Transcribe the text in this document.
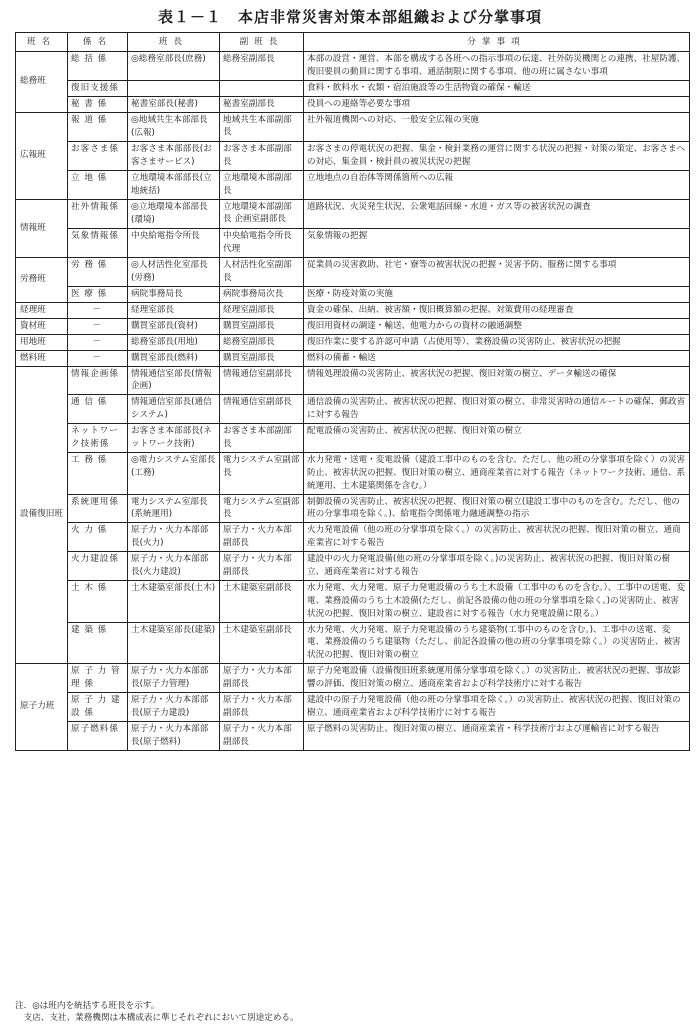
表１－１　本店非常災害対策本部組織および分掌事項
班名	係名	班長	副班長	分掌事項
総務班	総 括 係	◎総務室部長(庶務)	総務室副部長	本部の設営・運営、本部を構成する各班への指示事項の伝達、社外防災機関との連携、社屋防護、復旧要員の動員に関する事項、通話制限に関する事項、他の班に属さない事項
	復旧支援係			食料・飲料水・衣類・宿泊施設等の生活物資の確保・輸送
	秘 書 係	秘書室部長(秘書)	秘書室副部長	役員への連絡等必要な事項
広報班	報 道 係	◎地域共生本部部長(広報)	地域共生本部副部長	社外報道機関への対応、一般安全広報の実施
	お客さま係	お客さま本部部長(お客さまサービス)	お客さま本部副部長	お客さまの停電状況の把握、集金・検針業務の運営に関する状況の把握・対策の策定、お客さまへの対応、集金員・検針員の被災状況の把握
	立 地 係	立地環境本部部長(立地統括)	立地環境本部副部長	立地地点の自治体等関係箇所への広報
情報班	社外情報係	◎立地環境本部部長(環境)	立地環境本部副部長 企画室副部長	道路状況、火災発生状況、公衆電話回線・水道・ガス等の被害状況の調査
	気象情報係	中央給電指令所長	中央給電指令所長代理	気象情報の把握
労務班	労 務 係	◎人材活性化室部長(労務)	人材活性化室副部長	従業員の災害救助、社宅・寮等の被害状況の把握・災害予防、服務に関する事項
	医 療 係	病院事務局長	病院事務局次長	医療・防疫対策の実施
経理班	－	経理室部長	経理室副部長	資金の確保、出納、被害額・復旧概算額の把握、対策費用の経理審査
資材班	－	購買室部長(資材)	購買室副部長	復旧用資材の調達・輸送、他電力からの資材の融通調整
用地班	－	総務室部長(用地)	総務室副部長	復旧作業に要する許認可申請（占使用等）、業務設備の災害防止、被害状況の把握
燃料班	－	購買室部長(燃料)	購買室副部長	燃料の備蓄・輸送
設備復旧班	情報企画係	情報通信室部長(情報企画)	情報通信室副部長	情報処理設備の災害防止、被害状況の把握、復旧対策の樹立、データ輸送の確保
	通 信 係	情報通信室部長(通信システム)	情報通信室副部長	通信設備の災害防止、被害状況の把握、復旧対策の樹立、非常災害時の通信ルートの確保、郵政省に対する報告
	ネットワーク技術係	お客さま本部部長(ネットワーク技術)	お客さま本部副部長	配電設備の災害防止、被害状況の把握、復旧対策の樹立
	工 務 係	◎電力システム室部長(工務)	電力システム室副部長	水力発電・送電・変電設備（建設工事中のものを含む。ただし、他の班の分掌事項を除く）の災害防止、被害状況の把握、復旧対策の樹立、通商産業省に対する報告（ネットワーク技術、通信、系統運用、土木建築関係を含む。）
	系統運用係	電力システム室部長(系統運用)	電力システム室副部長	制御設備の災害防止、被害状況の把握、復旧対策の樹立(建設工事中のものを含む。ただし、他の班の分掌事項を除く。)、給電指令関係電力融通調整の指示
	火 力 係	原子力・火力本部部長(火力)	原子力・火力本部副部長	火力発電設備（他の班の分掌事項を除く。）の災害防止、被害状況の把握、復旧対策の樹立、通商産業省に対する報告
	火力建設係	原子力・火力本部部長(火力建設)	原子力・火力本部副部長	建設中の火力発電設備(他の班の分掌事項を除く。)の災害防止、被害状況の把握、復旧対策の樹立、通商産業省に対する報告
	土 木 係	土木建築室部長(土木)	土木建築室副部長	水力発電、火力発電、原子力発電設備のうち土木設備（工事中のものを含む。）、工事中の送電、変電、業務設備のうち土木設備(ただし、前記各設備の他の班の分掌事項を除く。)の災害防止、被害状況の把握、復旧対策の樹立、建設省に対する報告（水力発電設備に限る。）
	建 築 係	土木建築室部長(建築)	土木建築室副部長	水力発電、火力発電、原子力発電設備のうち建築物(工事中のものを含む。)、工事中の送電、変電、業務設備のうち建築物（ただし、前記各設備の他の班の分掌事項を除く。）の災害防止、被害状況の把握、復旧対策の樹立
原子力班	原 子 力 管 理 係	原子力・火力本部部長(原子力管理)	原子力・火力本部副部長	原子力発電設備（設備復旧班系統運用係分掌事項を除く。）の災害防止、被害状況の把握、事故影響の評価、復旧対策の樹立、通商産業省および科学技術庁に対する報告
	原 子 力 建 設 係	原子力・火力本部部長(原子力建設)	原子力・火力本部副部長	建設中の原子力発電設備（他の班の分掌事項を除く。）の災害防止、被害状況の把握、復旧対策の樹立、通商産業省および科学技術庁に対する報告
	原子燃料係	原子力・火力本部部長(原子燃料)	原子力・火力本部副部長	原子燃料の災害防止、復旧対策の樹立、通商産業省・科学技術庁および運輸省に対する報告
注．◎は班内を統括する班長を示す。
　支店、支社、業務機関は本構成表に準じそれぞれにおいて別途定める。
